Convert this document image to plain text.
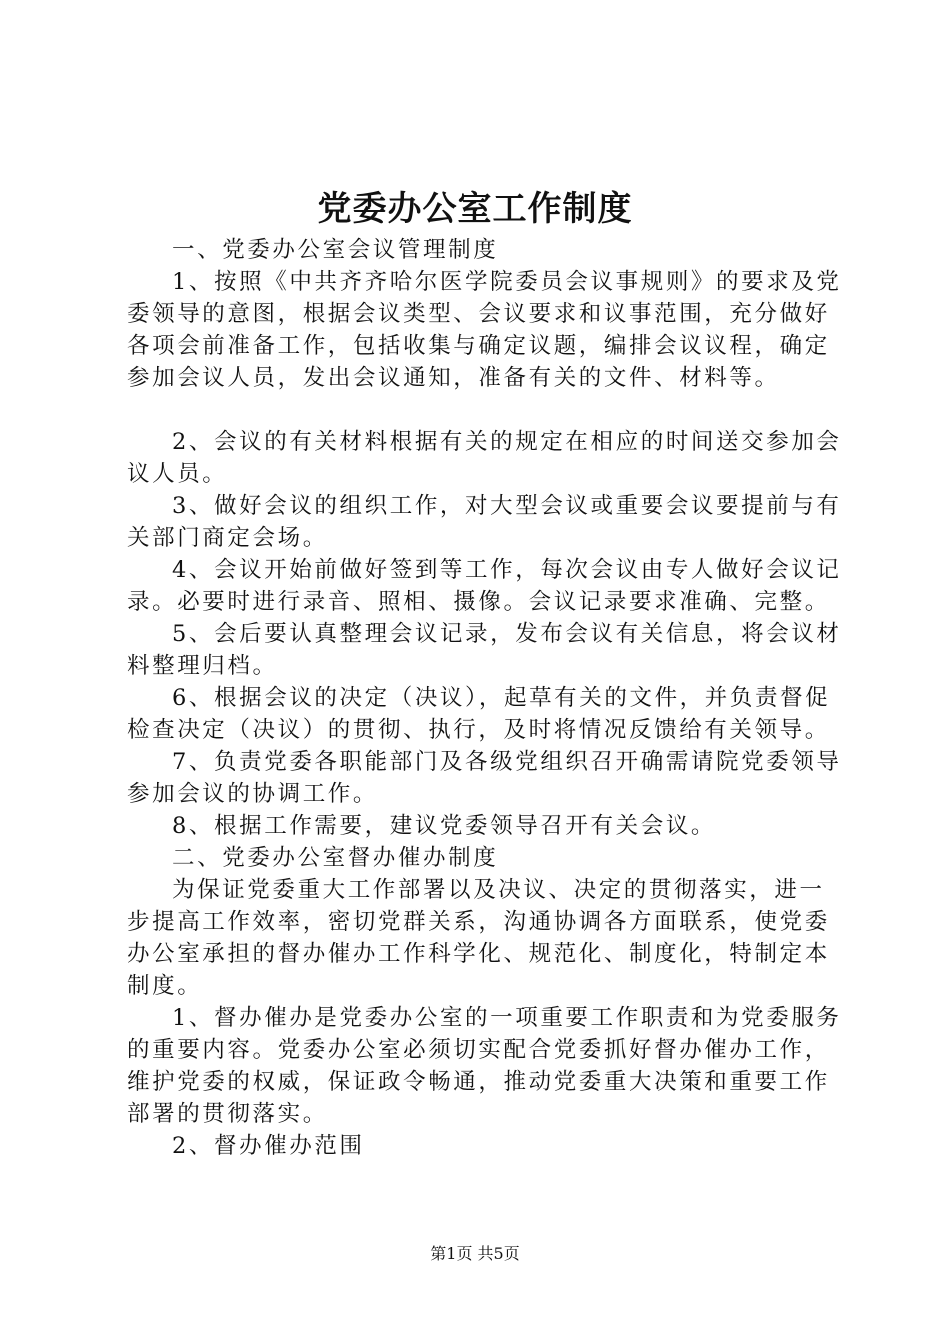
党委办公室工作制度

一、党委办公室会议管理制度

1、按照《中共齐齐哈尔医学院委员会议事规则》的要求及党委领导的意图，根据会议类型、会议要求和议事范围，充分做好各项会前准备工作，包括收集与确定议题，编排会议议程，确定参加会议人员，发出会议通知，准备有关的文件、材料等。

2、会议的有关材料根据有关的规定在相应的时间送交参加会议人员。

3、做好会议的组织工作，对大型会议或重要会议要提前与有关部门商定会场。

4、会议开始前做好签到等工作，每次会议由专人做好会议记录。必要时进行录音、照相、摄像。会议记录要求准确、完整。

5、会后要认真整理会议记录，发布会议有关信息，将会议材料整理归档。

6、根据会议的决定（决议），起草有关的文件，并负责督促检查决定（决议）的贯彻、执行，及时将情况反馈给有关领导。

7、负责党委各职能部门及各级党组织召开确需请院党委领导参加会议的协调工作。

8、根据工作需要，建议党委领导召开有关会议。

二、党委办公室督办催办制度

为保证党委重大工作部署以及决议、决定的贯彻落实，进一步提高工作效率，密切党群关系，沟通协调各方面联系，使党委办公室承担的督办催办工作科学化、规范化、制度化，特制定本制度。

1、督办催办是党委办公室的一项重要工作职责和为党委服务的重要内容。党委办公室必须切实配合党委抓好督办催办工作，维护党委的权威，保证政令畅通，推动党委重大决策和重要工作部署的贯彻落实。

2、督办催办范围

第1页 共5页
